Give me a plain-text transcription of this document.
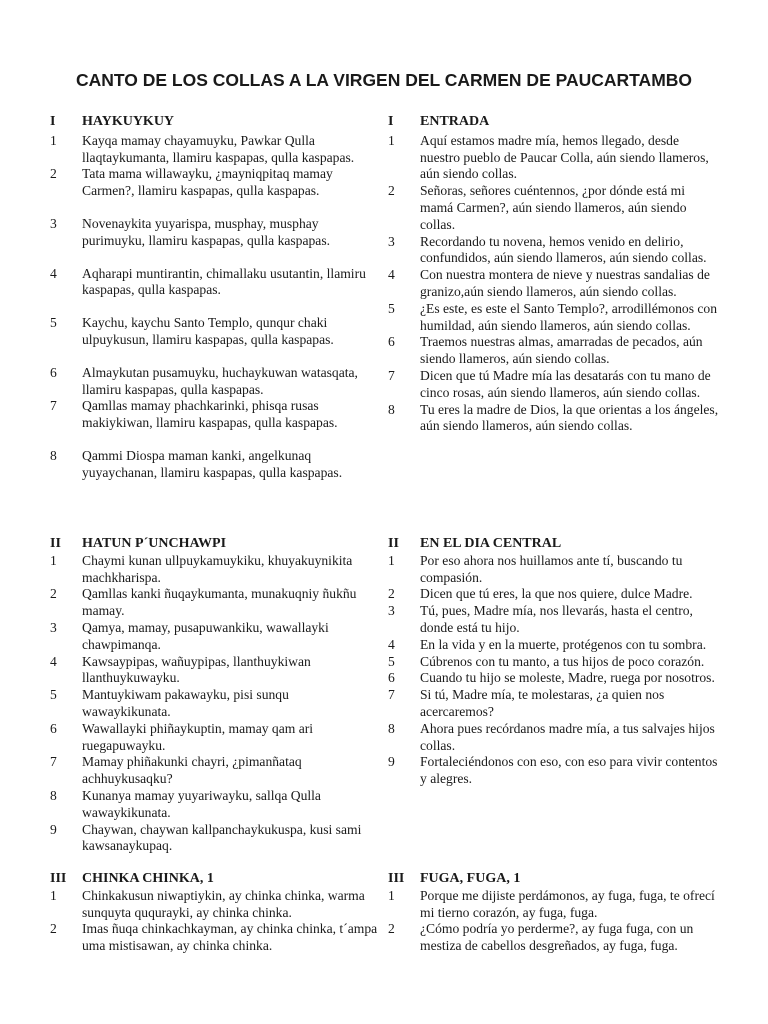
CANTO DE LOS COLLAS A LA VIRGEN DEL CARMEN DE PAUCARTAMBO
I	HAYKUYKUY
1	Kayqa mamay chayamuyku, Pawkar Qulla llaqtaykumanta, llamiru kaspapas, qulla kaspapas.
2	Tata mama willawayku, ¿mayniqpitaq mamay Carmen?, llamiru kaspapas, qulla kaspapas.
3	Novenaykita yuyarispa, musphay, musphay purimuyku, llamiru kaspapas, qulla kaspapas.
4	Aqharapi muntirantin, chimallaku usutantin, llamiru kaspapas, qulla kaspapas.
5	Kaychu, kaychu Santo Templo, qunqur chaki ulpuykusun, llamiru kaspapas, qulla kaspapas.
6	Almaykutan pusamuyku, huchaykuwan watasqata, llamiru kaspapas, qulla kaspapas.
7	Qamllas mamay phachkarinki, phisqa rusas makiykiwan, llamiru kaspapas, qulla kaspapas.
8	Qammi Diospa maman kanki, angelkunaq yuyaychanan, llamiru kaspapas, qulla kaspapas.
II	HATUN P´UNCHAWPI
1	Chaymi kunan ullpuykamuykiku, khuyakuynikita machkharispa.
2	Qamllas kanki ñuqaykumanta, munakuqniy ñukñu mamay.
3	Qamya, mamay, pusapuwankiku, wawallayki chawpimanqa.
4	Kawsaypipas, wañuypipas, llanthuykiwan llanthuykuwayku.
5	Mantuykiwam pakawayku, pisi sunqu wawaykikunata.
6	Wawallayki phiñaykuptin, mamay qam ari ruegapuwayku.
7	Mamay phiñakunki chayri, ¿pimanñataq achhuykusaqku?
8	Kunanya mamay yuyariwayku, sallqa Qulla wawaykikunata.
9	Chaywan, chaywan kallpanchaykukuspa, kusi sami kawsanaykupaq.
III	CHINKA CHINKA, 1
1	Chinkakusun niwaptiykin, ay chinka chinka, warma sunquyta ququrayki, ay chinka chinka.
2	Imas ñuqa chinkachkayman, ay chinka chinka, t´ampa uma mistisawan, ay chinka chinka.
I	ENTRADA
1	Aquí estamos madre mía, hemos llegado, desde nuestro pueblo de Paucar Colla, aún siendo llameros, aún siendo collas.
2	Señoras, señores cuéntennos, ¿por dónde está mi mamá Carmen?, aún siendo llameros, aún siendo collas.
3	Recordando tu novena, hemos venido en delirio, confundidos, aún siendo llameros, aún siendo collas.
4	Con nuestra montera de nieve y nuestras sandalias de granizo,aún siendo llameros, aún siendo collas.
5	¿Es este, es este el Santo Templo?, arrodillémonos con humildad, aún siendo llameros, aún siendo collas.
6	Traemos nuestras almas, amarradas de pecados, aún siendo llameros, aún siendo collas.
7	Dicen que tú Madre mía las desatarás con tu mano de cinco rosas, aún siendo llameros, aún siendo collas.
8	Tu eres la madre de Dios, la que orientas a los ángeles, aún siendo llameros, aún siendo collas.
II	EN EL DIA CENTRAL
1	Por eso ahora nos huillamos ante tí, buscando tu compasión.
2	Dicen que tú eres, la que nos quiere, dulce Madre.
3	Tú, pues, Madre mía, nos llevarás, hasta el centro, donde está tu hijo.
4	En la vida y en la muerte, protégenos con tu sombra.
5	Cúbrenos con tu manto, a tus hijos de poco corazón.
6	Cuando tu hijo se moleste, Madre, ruega por nosotros.
7	Si tú, Madre mía, te molestaras, ¿a quien nos acercaremos?
8	Ahora pues recórdanos madre mía, a tus salvajes hijos collas.
9	Fortaleciéndonos con eso, con eso para vivir contentos y alegres.
III	FUGA, FUGA, 1
1	Porque me dijiste perdámonos, ay fuga, fuga, te ofrecí mi tierno corazón, ay fuga, fuga.
2	¿Cómo podría yo perderme?, ay fuga fuga, con un mestiza de cabellos desgreñados, ay fuga, fuga.
